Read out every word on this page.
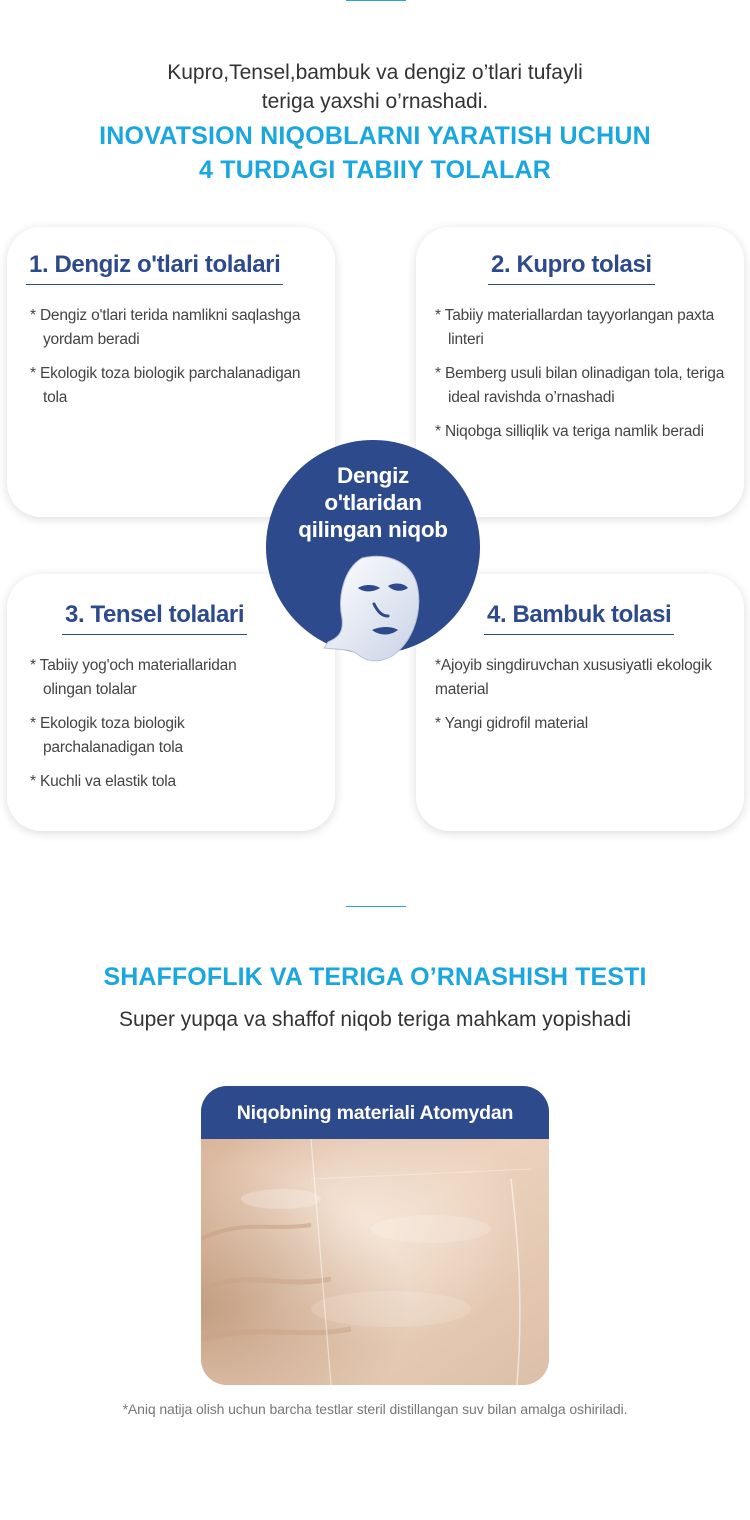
Kupro,Tensel,bambuk va dengiz o’tlari tufayli
teriga yaxshi o’rnashadi.
INOVATSION NIQOBLARNI YARATISH UCHUN
4 TURDAGI TABIIY TOLALAR
1. Dengiz o'tlari tolalari
* Dengiz o'tlari terida namlikni saqlashga yordam beradi
* Ekologik toza biologik parchalanadigan tola
2. Kupro tolasi
* Tabiiy materiallardan tayyorlangan paxta linteri
* Bemberg usuli bilan olinadigan tola, teriga ideal ravishda o’rnashadi
* Niqobga silliqlik va teriga namlik beradi
3. Tensel tolalari
* Tabiiy yog'och materiallaridan olingan tolalar
* Ekologik toza biologik parchalanadigan tola
* Kuchli va elastik tola
4. Bambuk tolasi
*Ajoyib singdiruvchan xususiyatli ekologik material
* Yangi gidrofil material
Dengiz
o'tlaridan
qilingan niqob
SHAFFOFLIK VA TERIGA O’RNASHISH TESTI
Super yupqa va shaffof niqob teriga mahkam yopishadi
Niqobning materiali Atomydan
*Aniq natija olish uchun barcha testlar steril distillangan suv bilan amalga oshiriladi.
